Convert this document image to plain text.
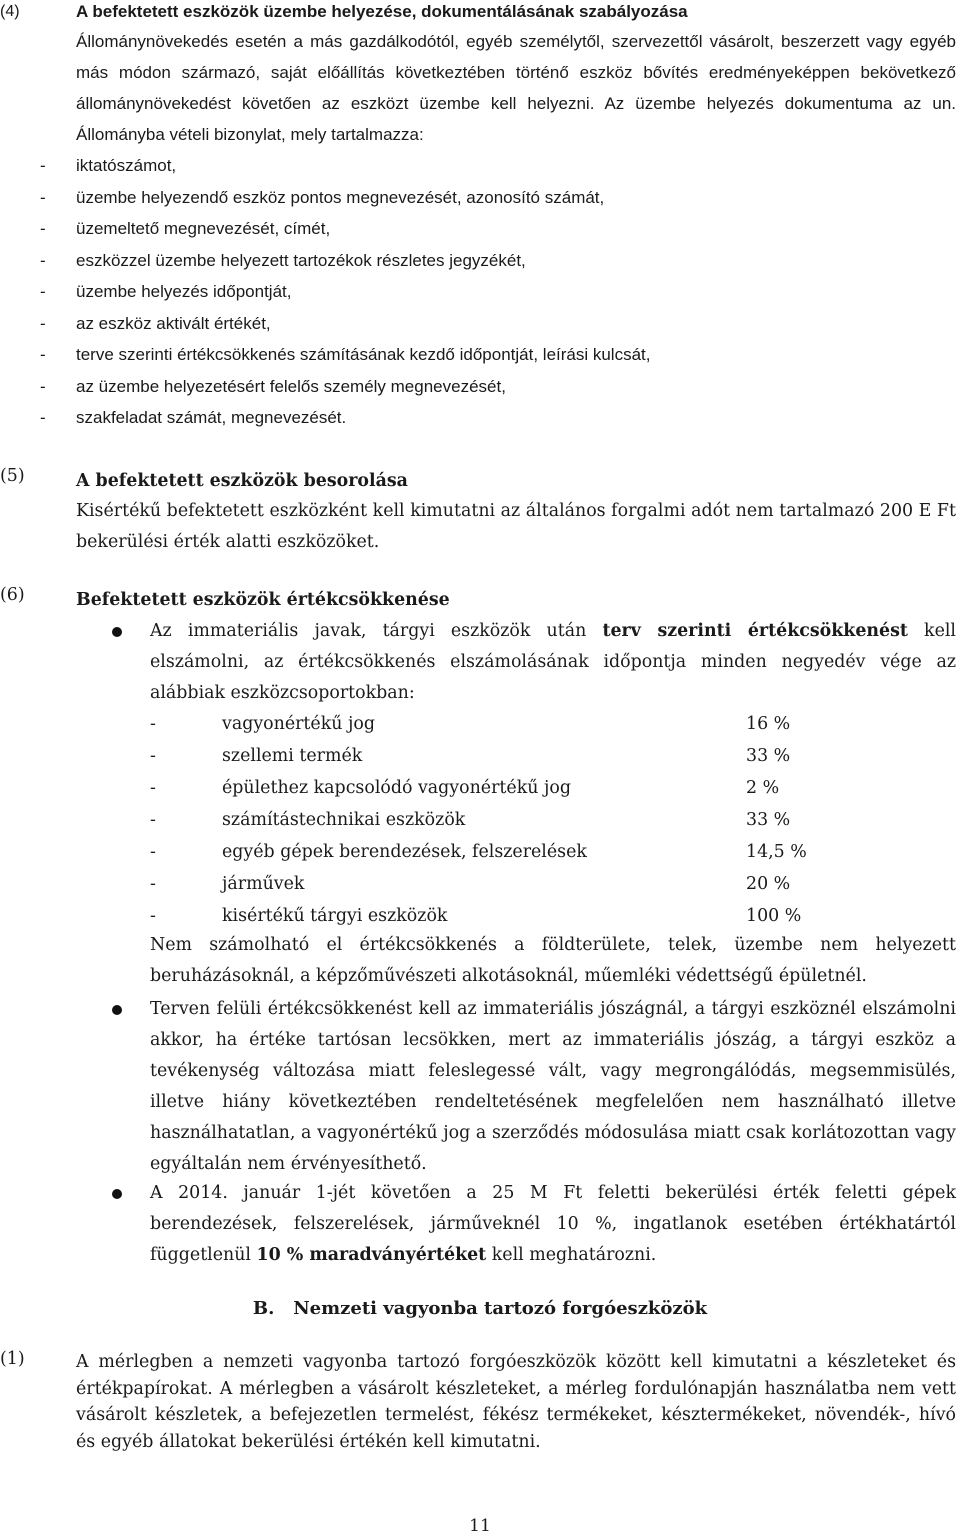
(4)	A befektetett eszközök üzembe helyezése, dokumentálásának szabályozása
Állománynövekedés esetén a más gazdálkodótól, egyéb személytől, szervezettől vásárolt, beszerzett vagy egyéb más módon származó, saját előállítás következtében történő eszköz bővítés eredményeképpen bekövetkező állománynövekedést követően az eszközt üzembe kell helyezni. Az üzembe helyezés dokumentuma az un. Állományba vételi bizonylat, mely tartalmazza:
- iktatószámot,
- üzembe helyezendő eszköz pontos megnevezését, azonosító számát,
- üzemeltető megnevezését, címét,
- eszközzel üzembe helyezett tartozékok részletes jegyzékét,
- üzembe helyezés időpontját,
- az eszköz aktivált értékét,
- terve szerinti értékcsökkenés számításának kezdő időpontját, leírási kulcsát,
- az üzembe helyezetésért felelős személy megnevezését,
- szakfeladat számát, megnevezését.
(5)	A befektetett eszközök besorolása
Kisértékű befektetett eszközként kell kimutatni az általános forgalmi adót nem tartalmazó 200 E Ft bekerülési érték alatti eszközöket.
(6)	Befektetett eszközök értékcsökkenése
Az immateriális javak, tárgyi eszközök után terv szerinti értékcsökkenést kell elszámolni, az értékcsökkenés elszámolásának időpontja minden negyedév vége az alábbiak eszközcsoportokban:
-	vagyonértékű jog	16 %

-	szellemi termék	33 %

-	épülethez kapcsolódó vagyonértékű jog	2 %

-	számítástechnikai eszközök	33 %

-	egyéb gépek berendezések, felszerelések	14,5 %

-	járművek	20 %

-	kisértékű tárgyi eszközök	100 %

Nem számolható el értékcsökkenés a földterülete, telek, üzembe nem helyezett beruházásoknál, a képzőművészeti alkotásoknál, műemléki védettségű épületnél.
Terven felüli értékcsökkenést kell az immateriális jószágnál, a tárgyi eszköznél elszámolni akkor, ha értéke tartósan lecsökken, mert az immateriális jószág, a tárgyi eszköz a tevékenység változása miatt feleslegessé vált, vagy megrongálódás, megsemmisülés, illetve hiány következtében rendeltetésének megfelelően nem használható illetve használhatatlan, a vagyonértékű jog a szerződés módosulása miatt csak korlátozottan vagy egyáltalán nem érvényesíthető.
A 2014. január 1-jét követően a 25 M Ft feletti bekerülési érték feletti gépek berendezések, felszerelések, járműveknél 10 %, ingatlanok esetében értékhatártól függetlenül 10 % maradványértéket kell meghatározni.
B. Nemzeti vagyonba tartozó forgóeszközök
(1)	A mérlegben a nemzeti vagyonba tartozó forgóeszközök között kell kimutatni a készleteket és értékpapírokat. A mérlegben a vásárolt készleteket, a mérleg fordulónapján használatba nem vett vásárolt készletek, a befejezetlen termelést, fékész termékeket, késztermékeket, növendék-, hívó és egyéb állatokat bekerülési értékén kell kimutatni.
11
